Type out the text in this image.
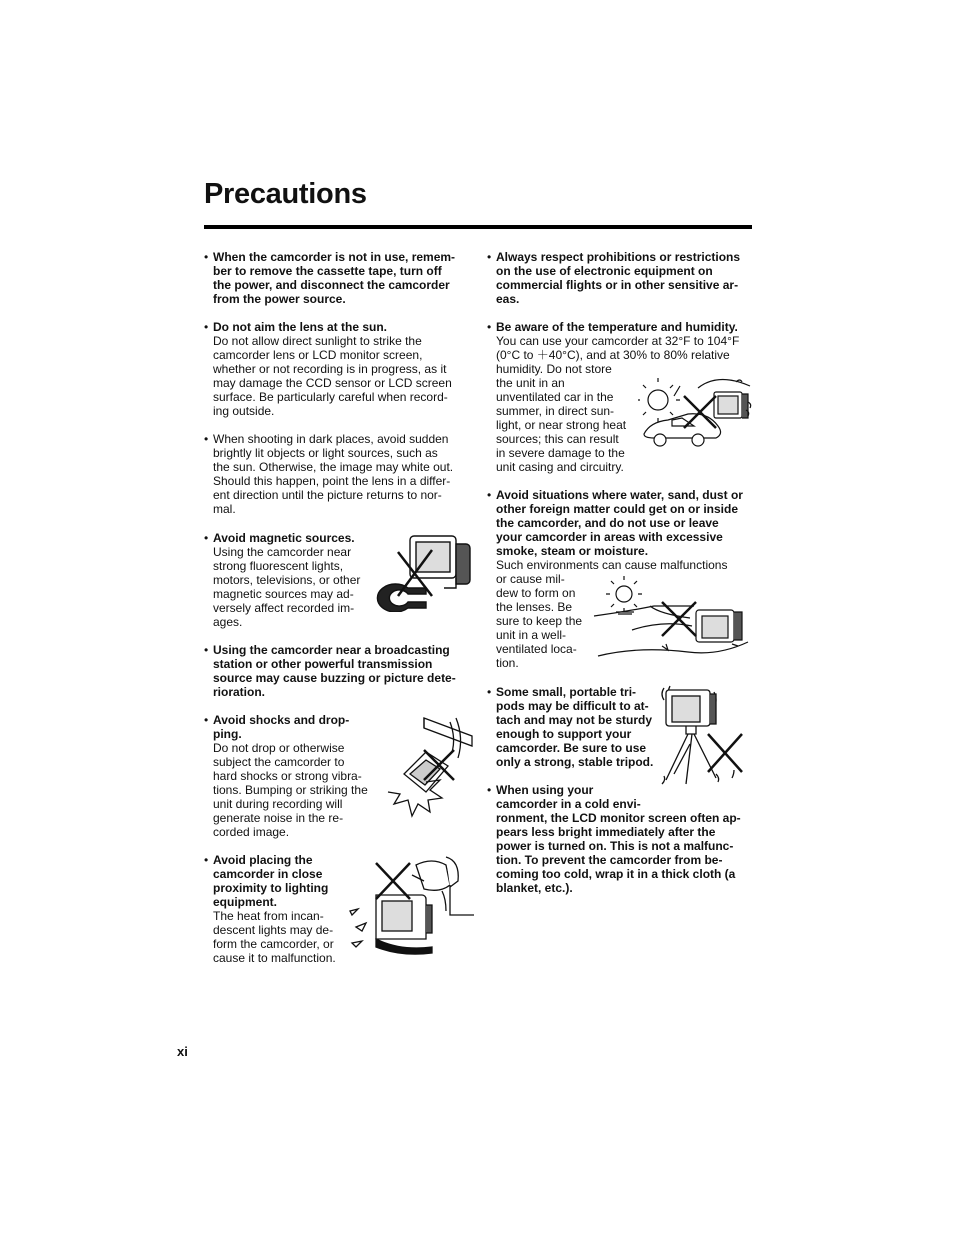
Precautions
• When the camcorder is not in use, remem-
ber to remove the cassette tape, turn off
the power, and disconnect the camcorder
from the power source.
• Do not aim the lens at the sun.
Do not allow direct sunlight to strike the
camcorder lens or LCD monitor screen,
whether or not recording is in progress, as it
may damage the CCD sensor or LCD screen
surface. Be particularly careful when record-
ing outside.
• When shooting in dark places, avoid sudden
brightly lit objects or light sources, such as
the sun. Otherwise, the image may white out.
Should this happen, point the lens in a differ-
ent direction until the picture returns to nor-
mal.
• Avoid magnetic sources.
Using the camcorder near
strong fluorescent lights,
motors, televisions, or other
magnetic sources may ad-
versely affect recorded im-
ages.
• Using the camcorder near a broadcasting
station or other powerful transmission
source may cause buzzing or picture dete-
rioration.
• Avoid shocks and drop-
ping.
Do not drop or otherwise
subject the camcorder to
hard shocks or strong vibra-
tions. Bumping or striking the
unit during recording will
generate noise in the re-
corded image.
• Avoid placing the
camcorder in close
proximity to lighting
equipment.
The heat from incan-
descent lights may de-
form the camcorder, or
cause it to malfunction.
• Always respect prohibitions or restrictions
on the use of electronic equipment on
commercial flights or in other sensitive ar-
eas.
• Be aware of the temperature and humidity.
You can use your camcorder at 32°F to 104°F
(0°C to ＋40°C), and at 30% to 80% relative
humidity. Do not store
the unit in an
unventilated car in the
summer, in direct sun-
light, or near strong heat
sources; this can result
in severe damage to the
unit casing and circuitry.
• Avoid situations where water, sand, dust or
other foreign matter could get on or inside
the camcorder, and do not use or leave
your camcorder in areas with excessive
smoke, steam or moisture.
Such environments can cause malfunctions
or cause mil-
dew to form on
the lenses. Be
sure to keep the
unit in a well-
ventilated loca-
tion.
• Some small, portable tri-
pods may be difficult to at-
tach and may not be sturdy
enough to support your
camcorder. Be sure to use
only a strong, stable tripod.
• When using your
camcorder in a cold envi-
ronment, the LCD monitor screen often ap-
pears less bright immediately after the
power is turned on. This is not a malfunc-
tion. To prevent the camcorder from be-
coming too cold, wrap it in a thick cloth (a
blanket, etc.).
xi
